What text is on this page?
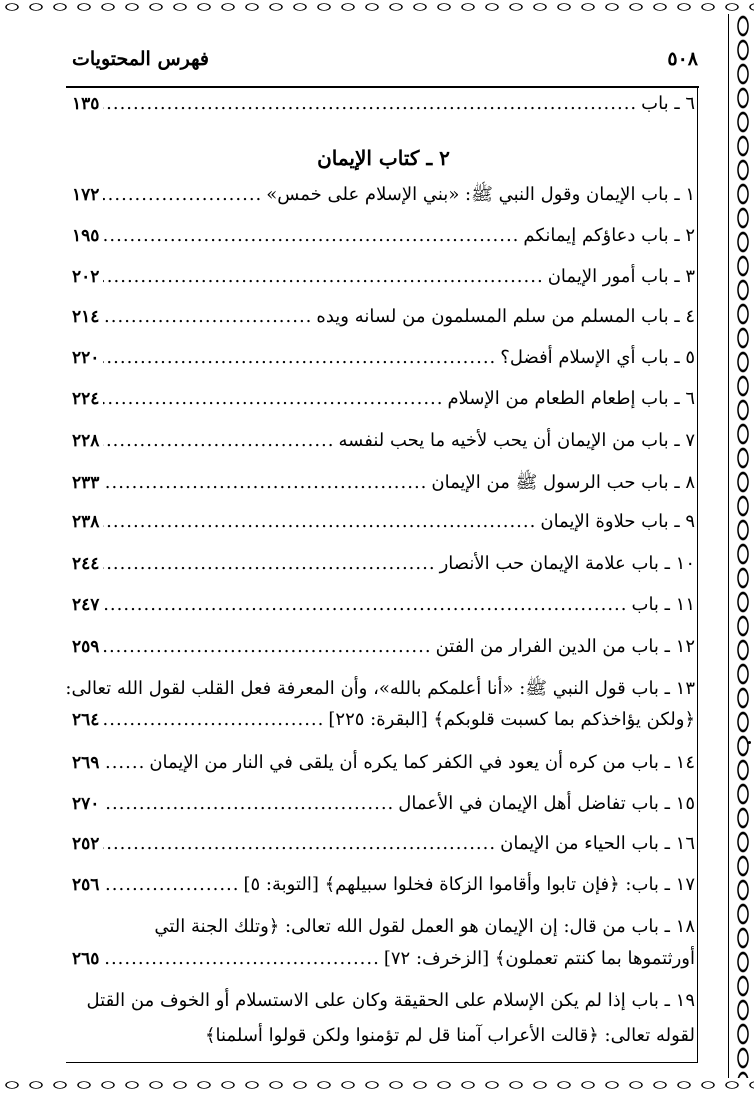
٥٠٨
فهرس المحتويات
٦ ـ باب
.....
١٣٥
٢ ـ كتاب الإيمان
١ ـ باب الإيمان وقول النبي ﷺ: «بني الإسلام على خمس»
.....
١٧٢
٢ ـ باب دعاؤكم إيمانكم
.....
١٩٥
٣ ـ باب أمور الإيمان
.....
٢٠٢
٤ ـ باب المسلم من سلم المسلمون من لسانه ويده
.....
٢١٤
٥ ـ باب أي الإسلام أفضل؟
.....
٢٢٠
٦ ـ باب إطعام الطعام من الإسلام
.....
٢٢٤
٧ ـ باب من الإيمان أن يحب لأخيه ما يحب لنفسه
.....
٢٢٨
٨ ـ باب حب الرسول ﷺ من الإيمان
.....
٢٣٣
٩ ـ باب حلاوة الإيمان
.....
٢٣٨
١٠ ـ باب علامة الإيمان حب الأنصار
.....
٢٤٤
١١ ـ باب
.....
٢٤٧
١٢ ـ باب من الدين الفرار من الفتن
.....
٢٥٩
١٣ ـ باب قول النبي ﷺ: «أنا أعلمكم بالله»، وأن المعرفة فعل القلب لقول الله تعالى:
﴿ولكن يؤاخذكم بما كسبت قلوبكم﴾ [البقرة: ٢٢٥]
.....
٢٦٤
١٤ ـ باب من كره أن يعود في الكفر كما يكره أن يلقى في النار من الإيمان
.....
٢٦٩
١٥ ـ باب تفاضل أهل الإيمان في الأعمال
.....
٢٧٠
١٦ ـ باب الحياء من الإيمان
.....
٢٥٢
١٧ ـ باب: ﴿فإن تابوا وأقاموا الزكاة فخلوا سبيلهم﴾ [التوبة: ٥]
.....
٢٥٦
١٨ ـ باب من قال: إن الإيمان هو العمل لقول الله تعالى: ﴿وتلك الجنة التي
أورثتموها بما كنتم تعملون﴾ [الزخرف: ٧٢]
.....
٢٦٥
١٩ ـ باب إذا لم يكن الإسلام على الحقيقة وكان على الاستسلام أو الخوف من القتل
لقوله تعالى: ﴿قالت الأعراب آمنا قل لم تؤمنوا ولكن قولوا أسلمنا﴾
